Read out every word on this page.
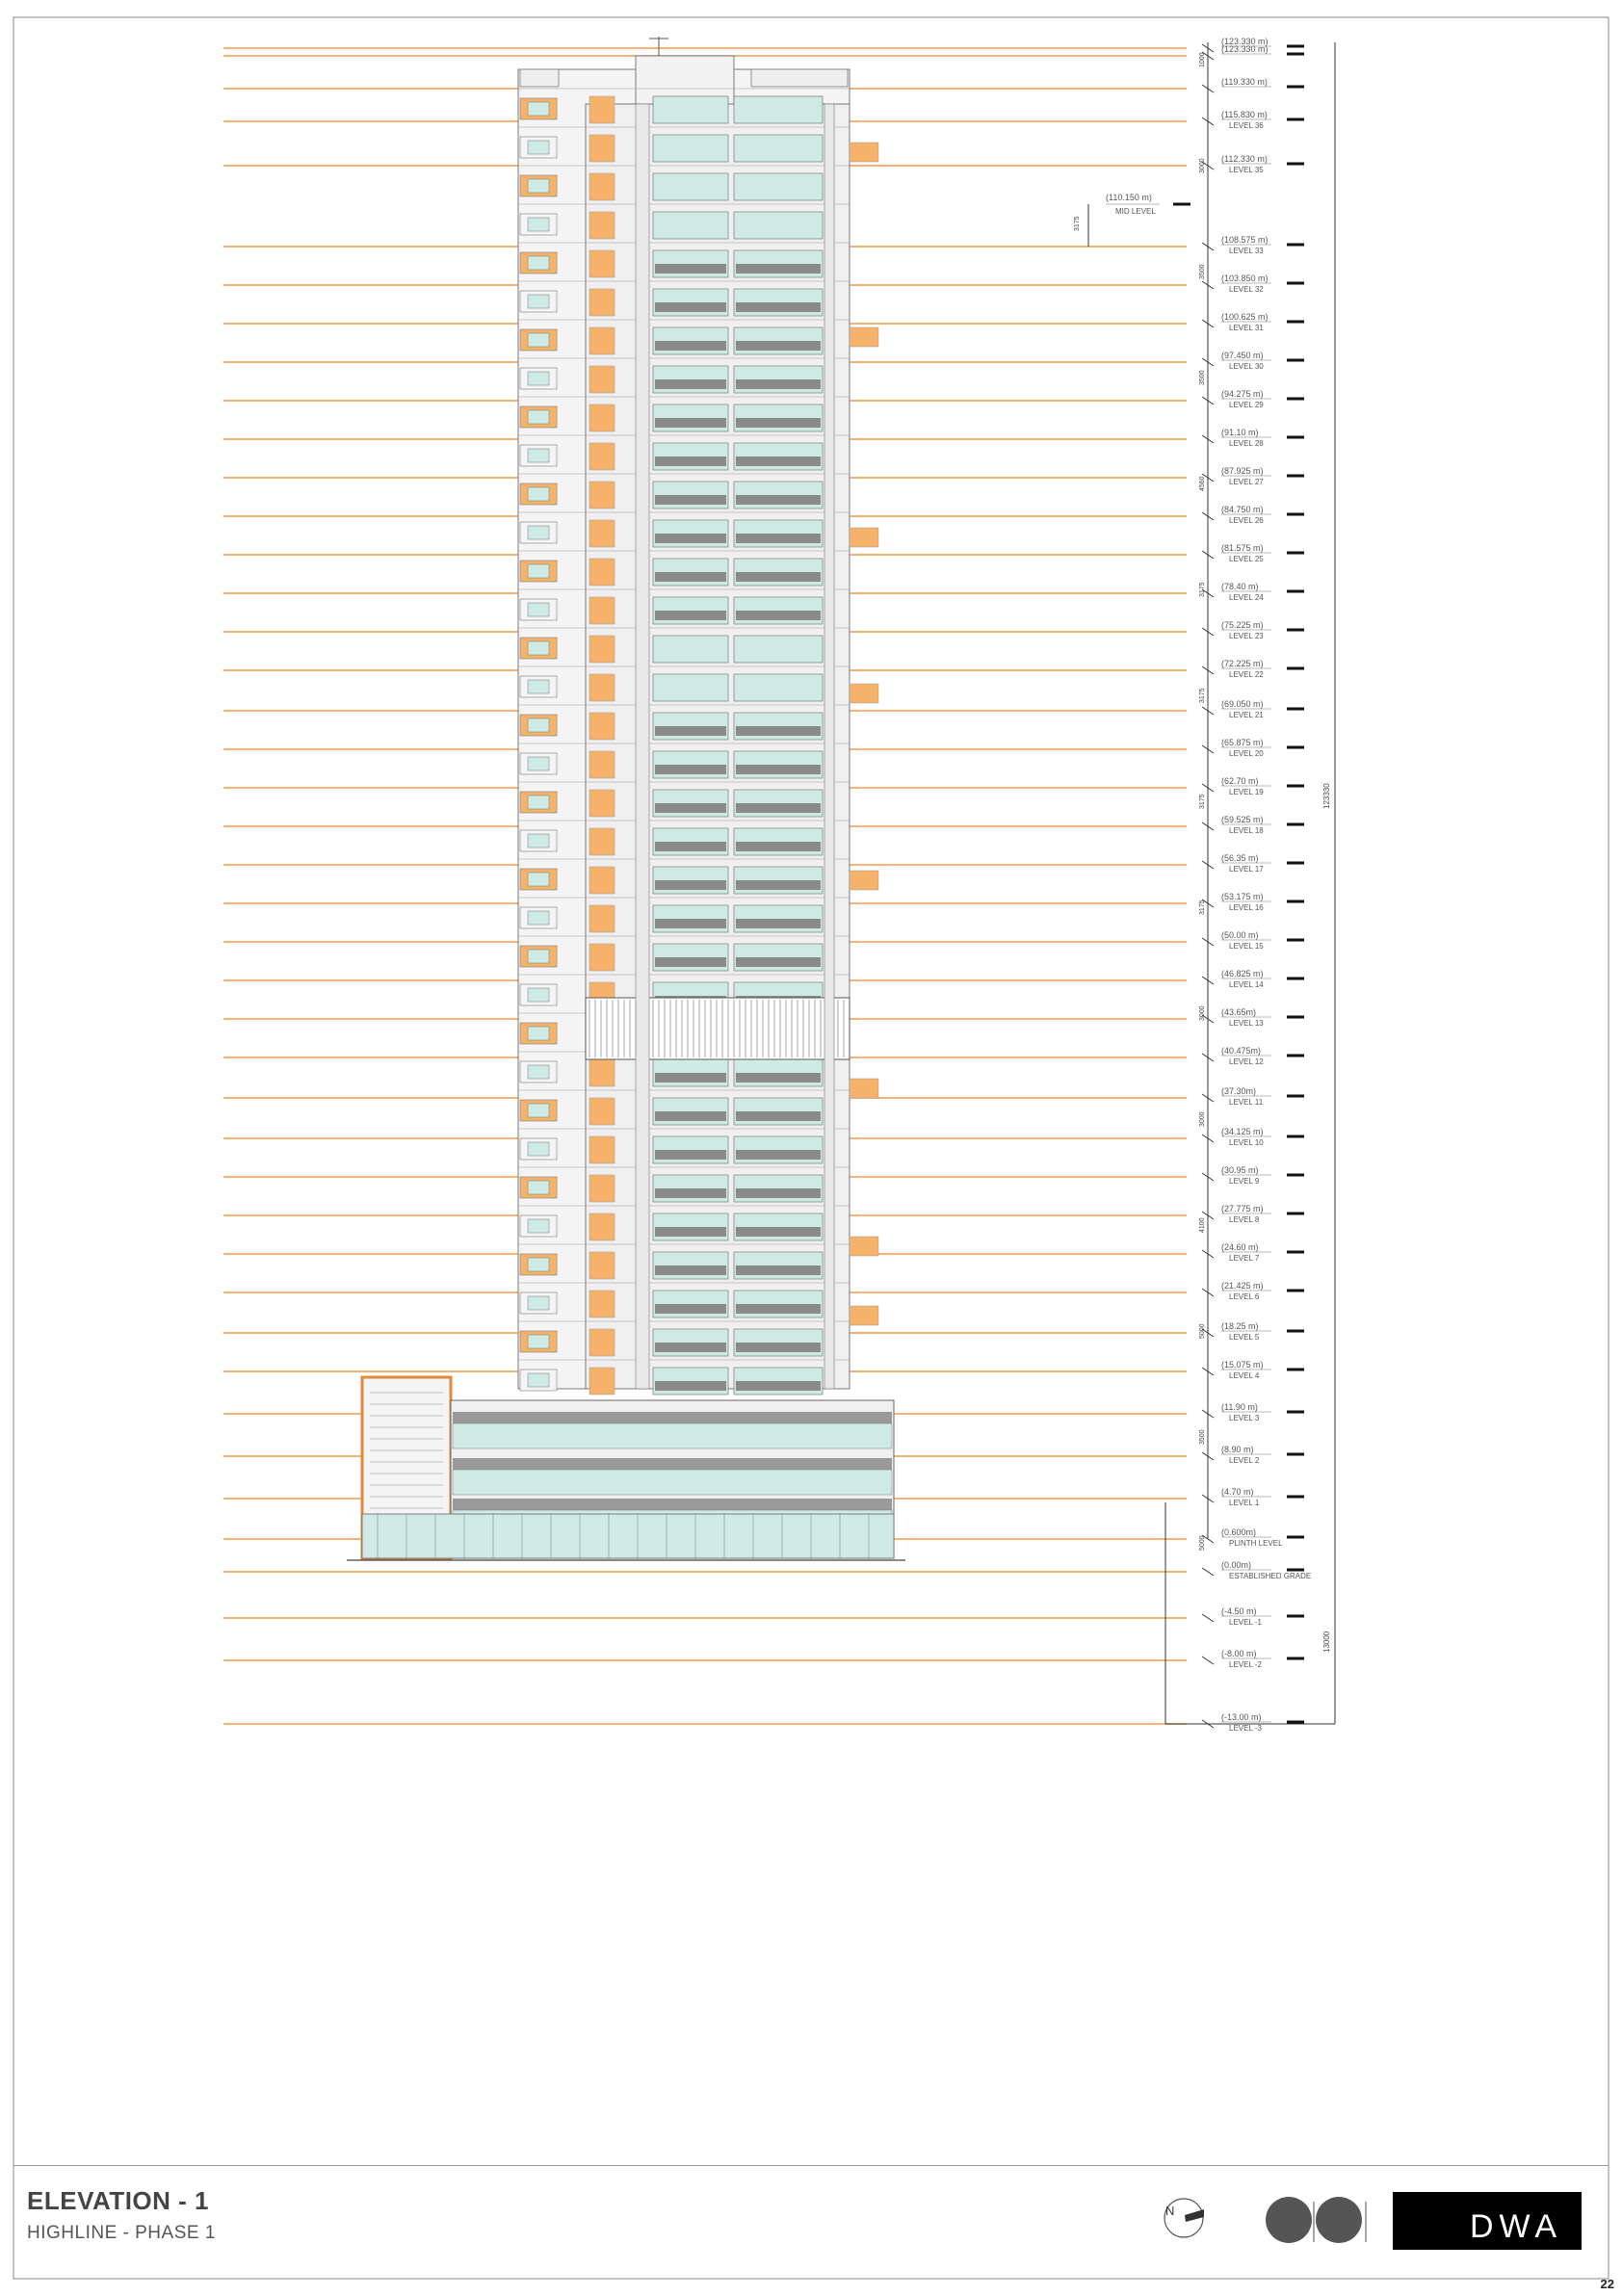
3175
123330
13000
1000
3000
3500
3500
4560
3175
3175
3175
3175
3000
3000
4100
5000
3500
5000
(123.330 m)
(123.330 m)
(119.330 m)
(115.830 m)
LEVEL 36
(112.330 m)
LEVEL 35
(108.575 m)
LEVEL 33
(103.850 m)
LEVEL 32
(100.625 m)
LEVEL 31
(97.450 m)
LEVEL 30
(94.275 m)
LEVEL 29
(91.10 m)
LEVEL 28
(87.925 m)
LEVEL 27
(84.750 m)
LEVEL 26
(81.575 m)
LEVEL 25
(78.40 m)
LEVEL 24
(75.225 m)
LEVEL 23
(72.225 m)
LEVEL 22
(69.050 m)
LEVEL 21
(65.875 m)
LEVEL 20
(62.70 m)
LEVEL 19
(59.525 m)
LEVEL 18
(56.35 m)
LEVEL 17
(53.175 m)
LEVEL 16
(50.00 m)
LEVEL 15
(46.825 m)
LEVEL 14
(43.65m)
LEVEL 13
(40.475m)
LEVEL 12
(37.30m)
LEVEL 11
(34.125 m)
LEVEL 10
(30.95 m)
LEVEL 9
(27.775 m)
LEVEL 8
(24.60 m)
LEVEL 7
(21.425 m)
LEVEL 6
(18.25 m)
LEVEL 5
(15.075 m)
LEVEL 4
(11.90 m)
LEVEL 3
(8.90 m)
LEVEL 2
(4.70 m)
LEVEL 1
(0.600m)
PLINTH LEVEL
(0.00m)
ESTABLISHED GRADE
(-4.50 m)
LEVEL -1
(-8.00 m)
LEVEL -2
(-13.00 m)
LEVEL -3
(110.150 m)
MID LEVEL
ELEVATION - 1
HIGHLINE - PHASE 1
N	DWA
22
